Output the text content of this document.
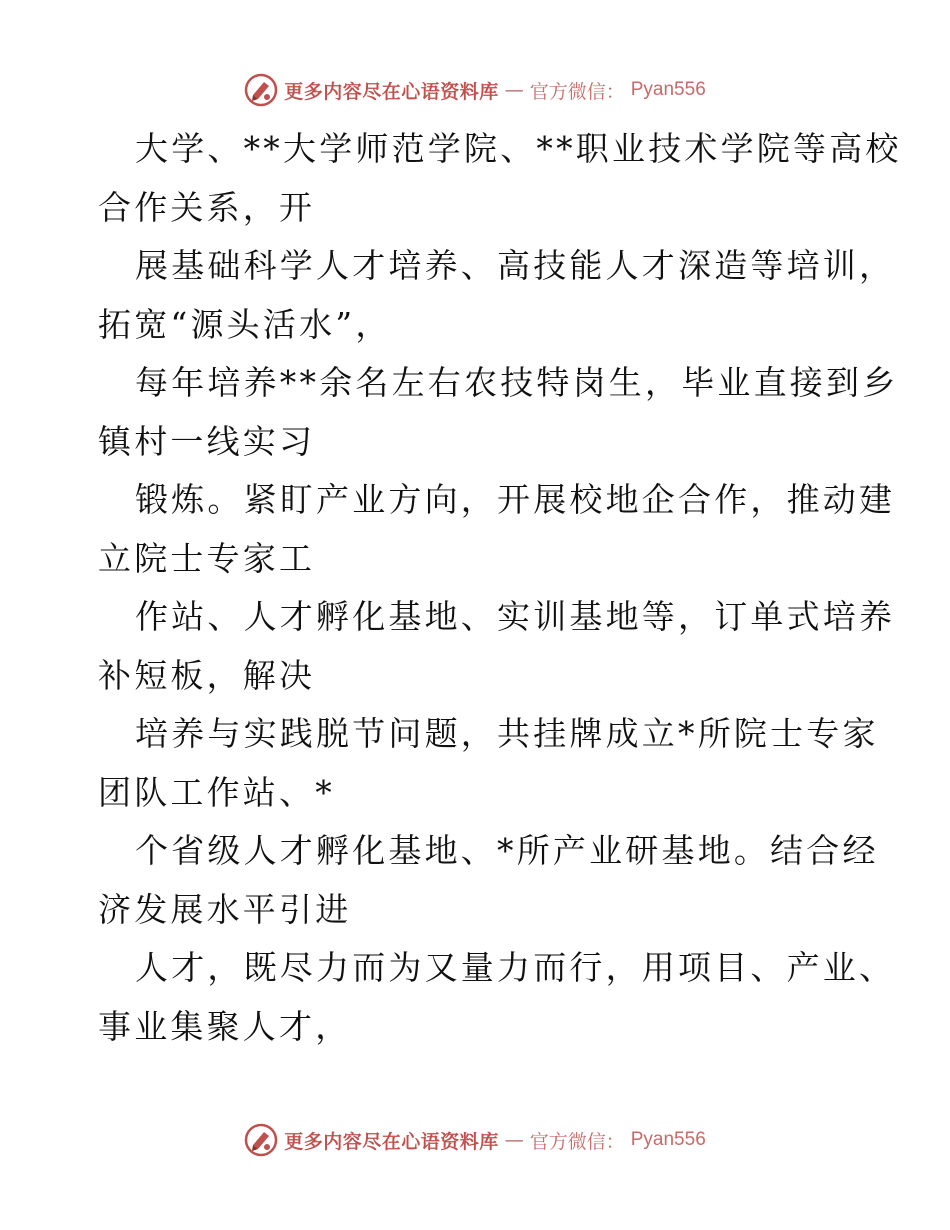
更多内容尽在心语资料库 — 官方微信： Pyan556

大学、**大学师范学院、**职业技术学院等高校
合作关系，开

展基础科学人才培养、高技能人才深造等培训，
拓宽“源头活水”，

每年培养**余名左右农技特岗生，毕业直接到乡
镇村一线实习

锻炼。紧盯产业方向，开展校地企合作，推动建
立院士专家工

作站、人才孵化基地、实训基地等，订单式培养
补短板，解决

培养与实践脱节问题，共挂牌成立*所院士专家
团队工作站、*

个省级人才孵化基地、*所产业研基地。结合经
济发展水平引进

人才，既尽力而为又量力而行，用项目、产业、
事业集聚人才，

更多内容尽在心语资料库 — 官方微信： Pyan556
